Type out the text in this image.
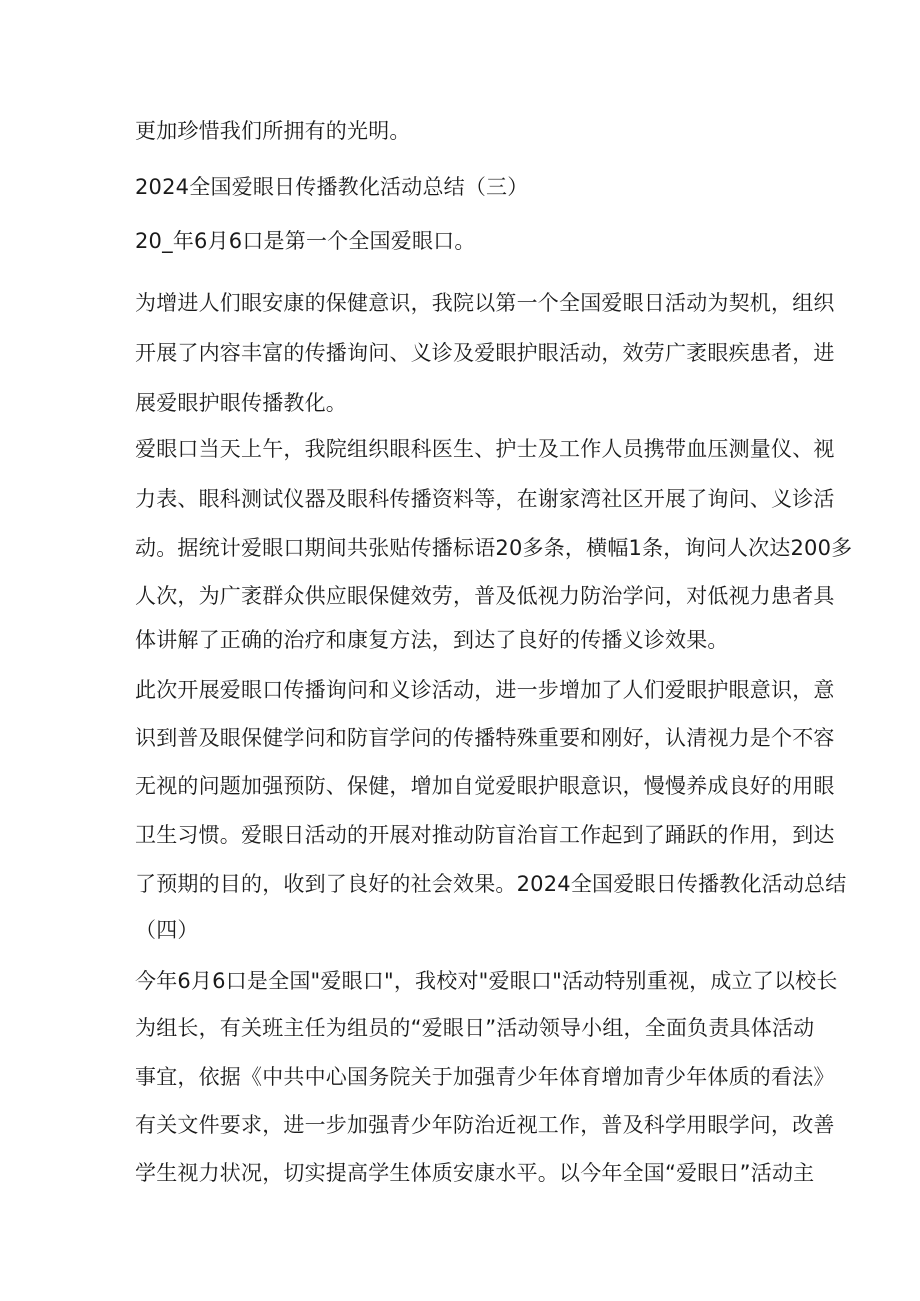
更加珍惜我们所拥有的光明。
2024全国爱眼日传播教化活动总结（三）
20_年6月6口是第一个全国爱眼口。
为增进人们眼安康的保健意识，我院以第一个全国爱眼日活动为契机，组织
开展了内容丰富的传播询问、义诊及爱眼护眼活动，效劳广袤眼疾患者，进
展爱眼护眼传播教化。
爱眼口当天上午，我院组织眼科医生、护士及工作人员携带血压测量仪、视
力表、眼科测试仪器及眼科传播资料等，在谢家湾社区开展了询问、义诊活
动。据统计爱眼口期间共张贴传播标语20多条，横幅1条，询问人次达200多
人次，为广袤群众供应眼保健效劳，普及低视力防治学问，对低视力患者具
体讲解了正确的治疗和康复方法，到达了良好的传播义诊效果。
此次开展爱眼口传播询问和义诊活动，进一步增加了人们爱眼护眼意识，意
识到普及眼保健学问和防盲学问的传播特殊重要和刚好，认清视力是个不容
无视的问题加强预防、保健，增加自觉爱眼护眼意识，慢慢养成良好的用眼
卫生习惯。爱眼日活动的开展对推动防盲治盲工作起到了踊跃的作用，到达
了预期的目的，收到了良好的社会效果。2024全国爱眼日传播教化活动总结
（四）
今年6月6口是全国"爱眼口"，我校对"爱眼口"活动特别重视，成立了以校长
为组长，有关班主任为组员的“爱眼日”活动领导小组，全面负责具体活动
事宜，依据《中共中心国务院关于加强青少年体育增加青少年体质的看法》
有关文件要求，进一步加强青少年防治近视工作，普及科学用眼学问，改善
学生视力状况，切实提高学生体质安康水平。以今年全国“爱眼日”活动主
